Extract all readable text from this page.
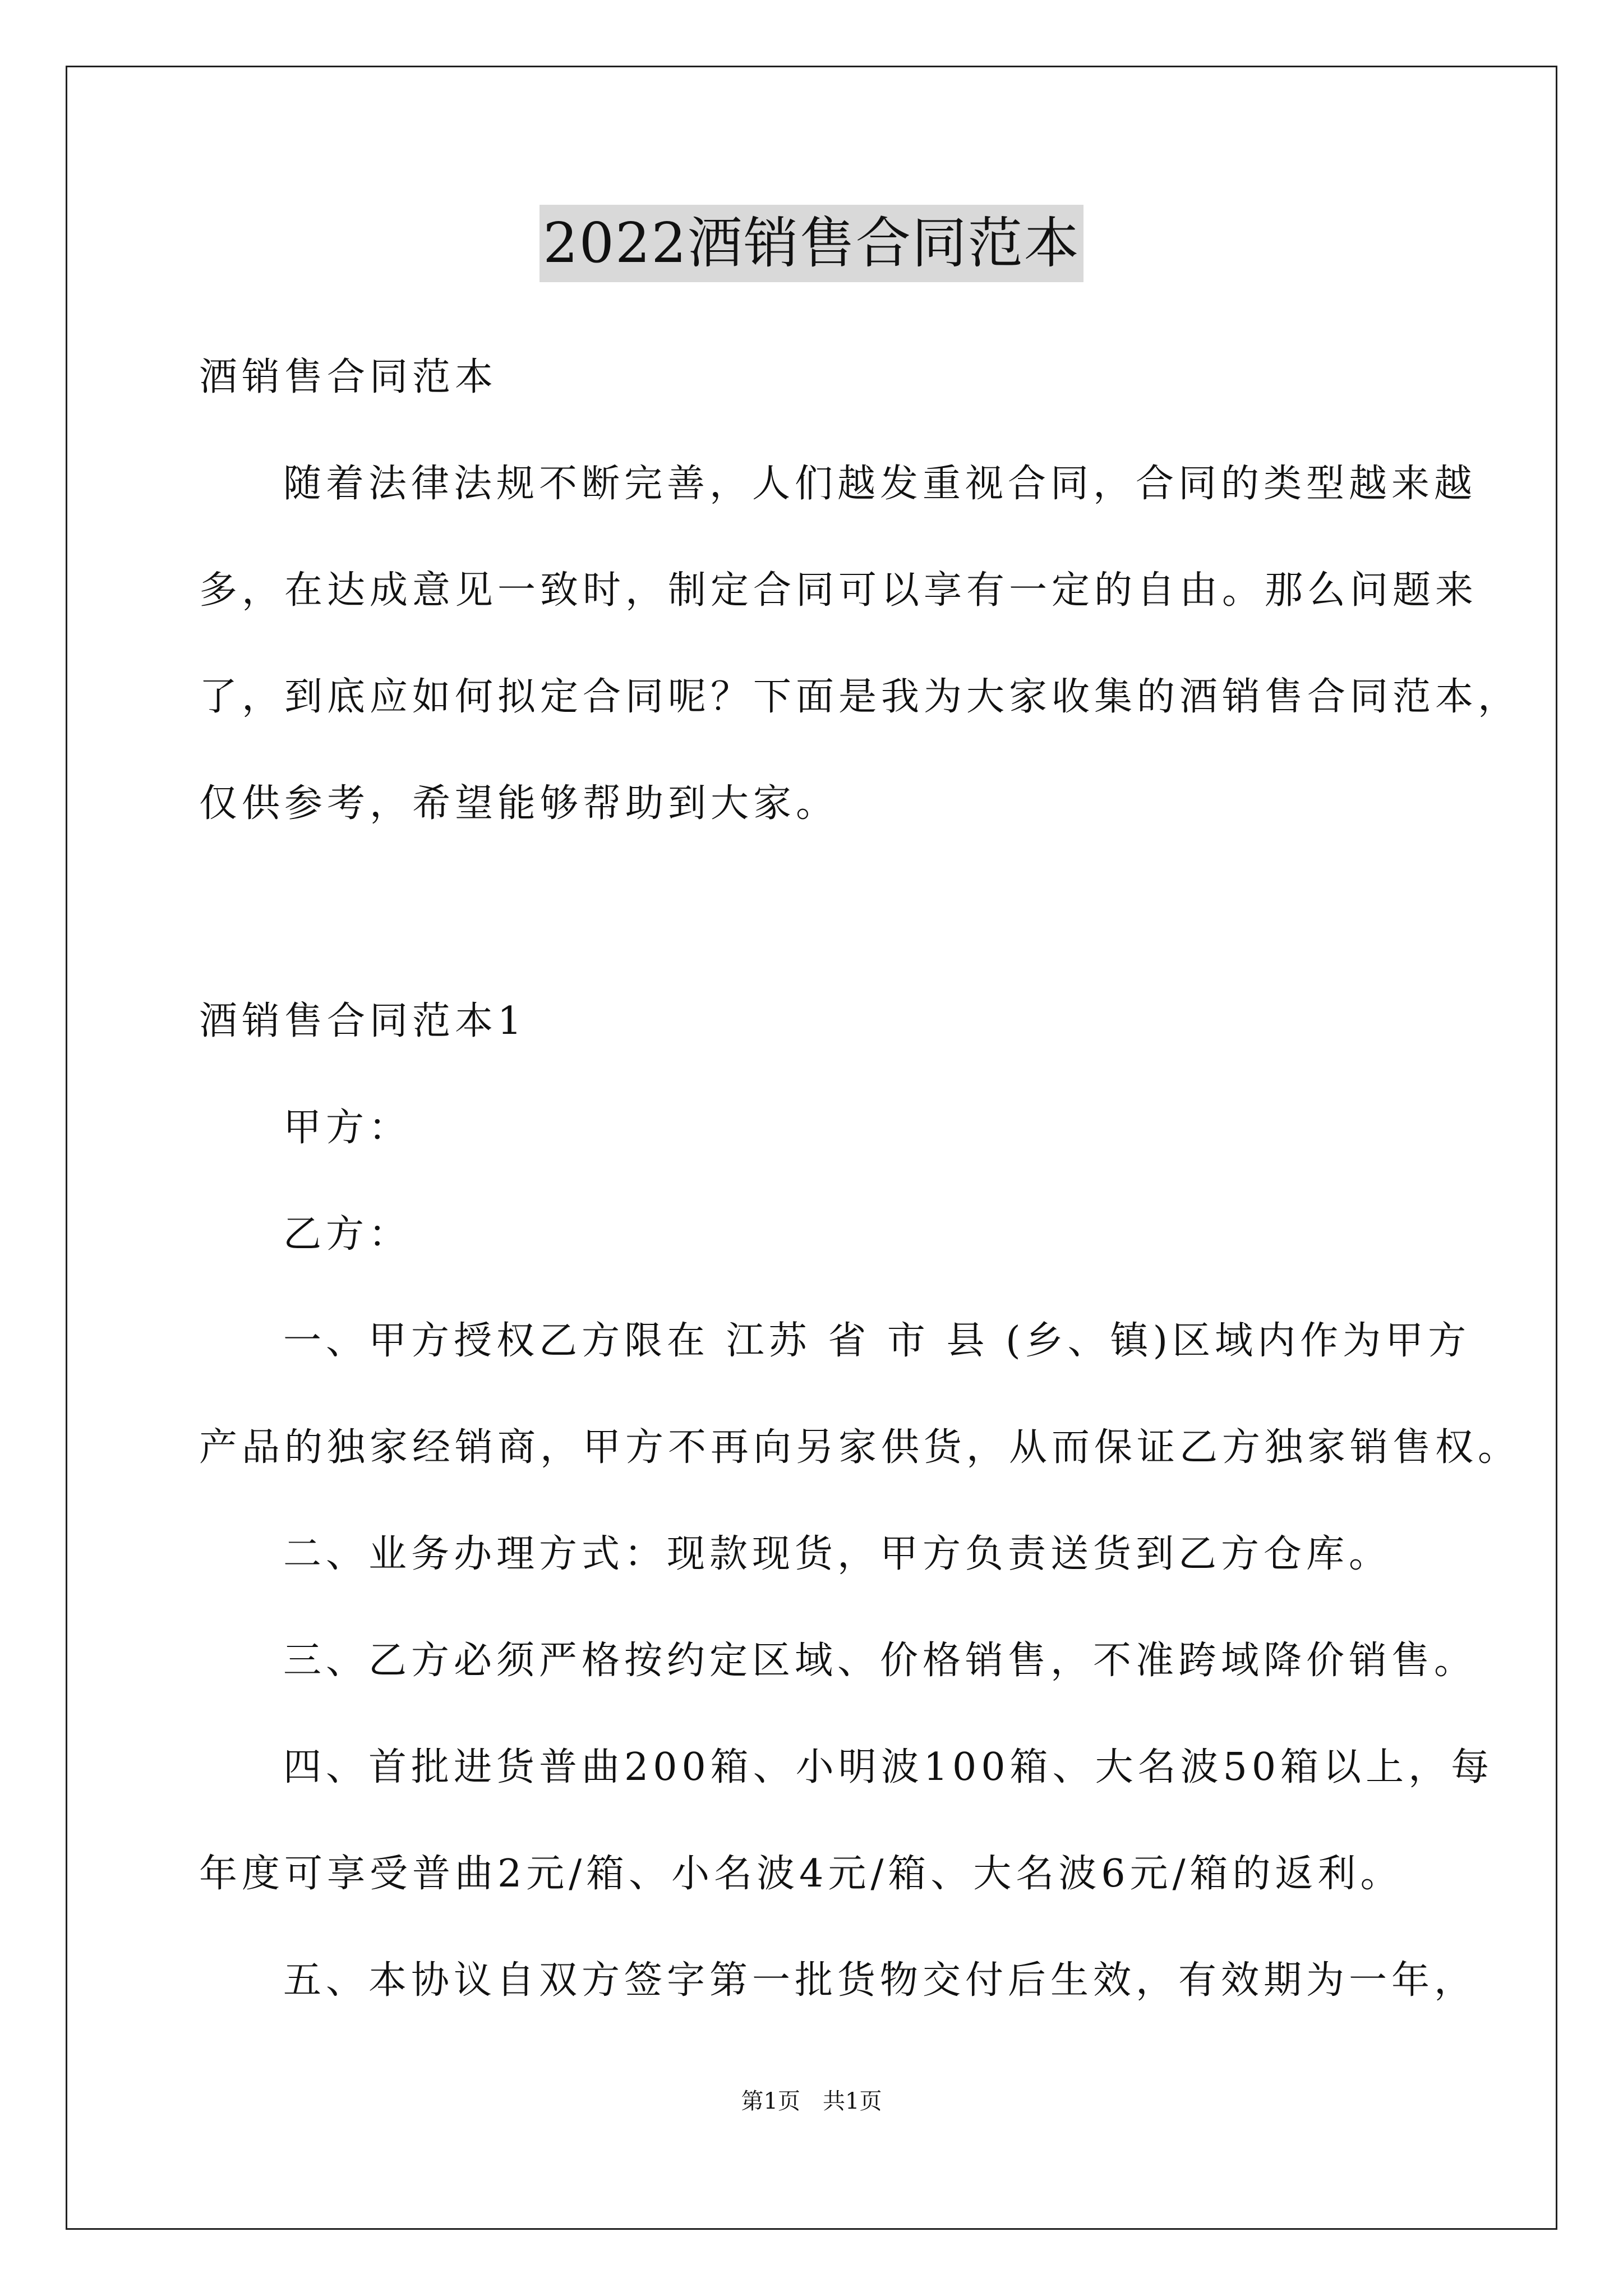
2022酒销售合同范本
酒销售合同范本
随着法律法规不断完善，人们越发重视合同，合同的类型越来越
多，在达成意见一致时，制定合同可以享有一定的自由。那么问题来
了，到底应如何拟定合同呢？下面是我为大家收集的酒销售合同范本，
仅供参考，希望能够帮助到大家。
酒销售合同范本1
甲方：
乙方：
一、甲方授权乙方限在 江苏 省 市 县 (乡、镇)区域内作为甲方
产品的独家经销商，甲方不再向另家供货，从而保证乙方独家销售权。
二、业务办理方式：现款现货，甲方负责送货到乙方仓库。
三、乙方必须严格按约定区域、价格销售，不准跨域降价销售。
四、首批进货普曲200箱、小明波100箱、大名波50箱以上，每
年度可享受普曲2元/箱、小名波4元/箱、大名波6元/箱的返利。
五、本协议自双方签字第一批货物交付后生效，有效期为一年，
第1页 共1页
